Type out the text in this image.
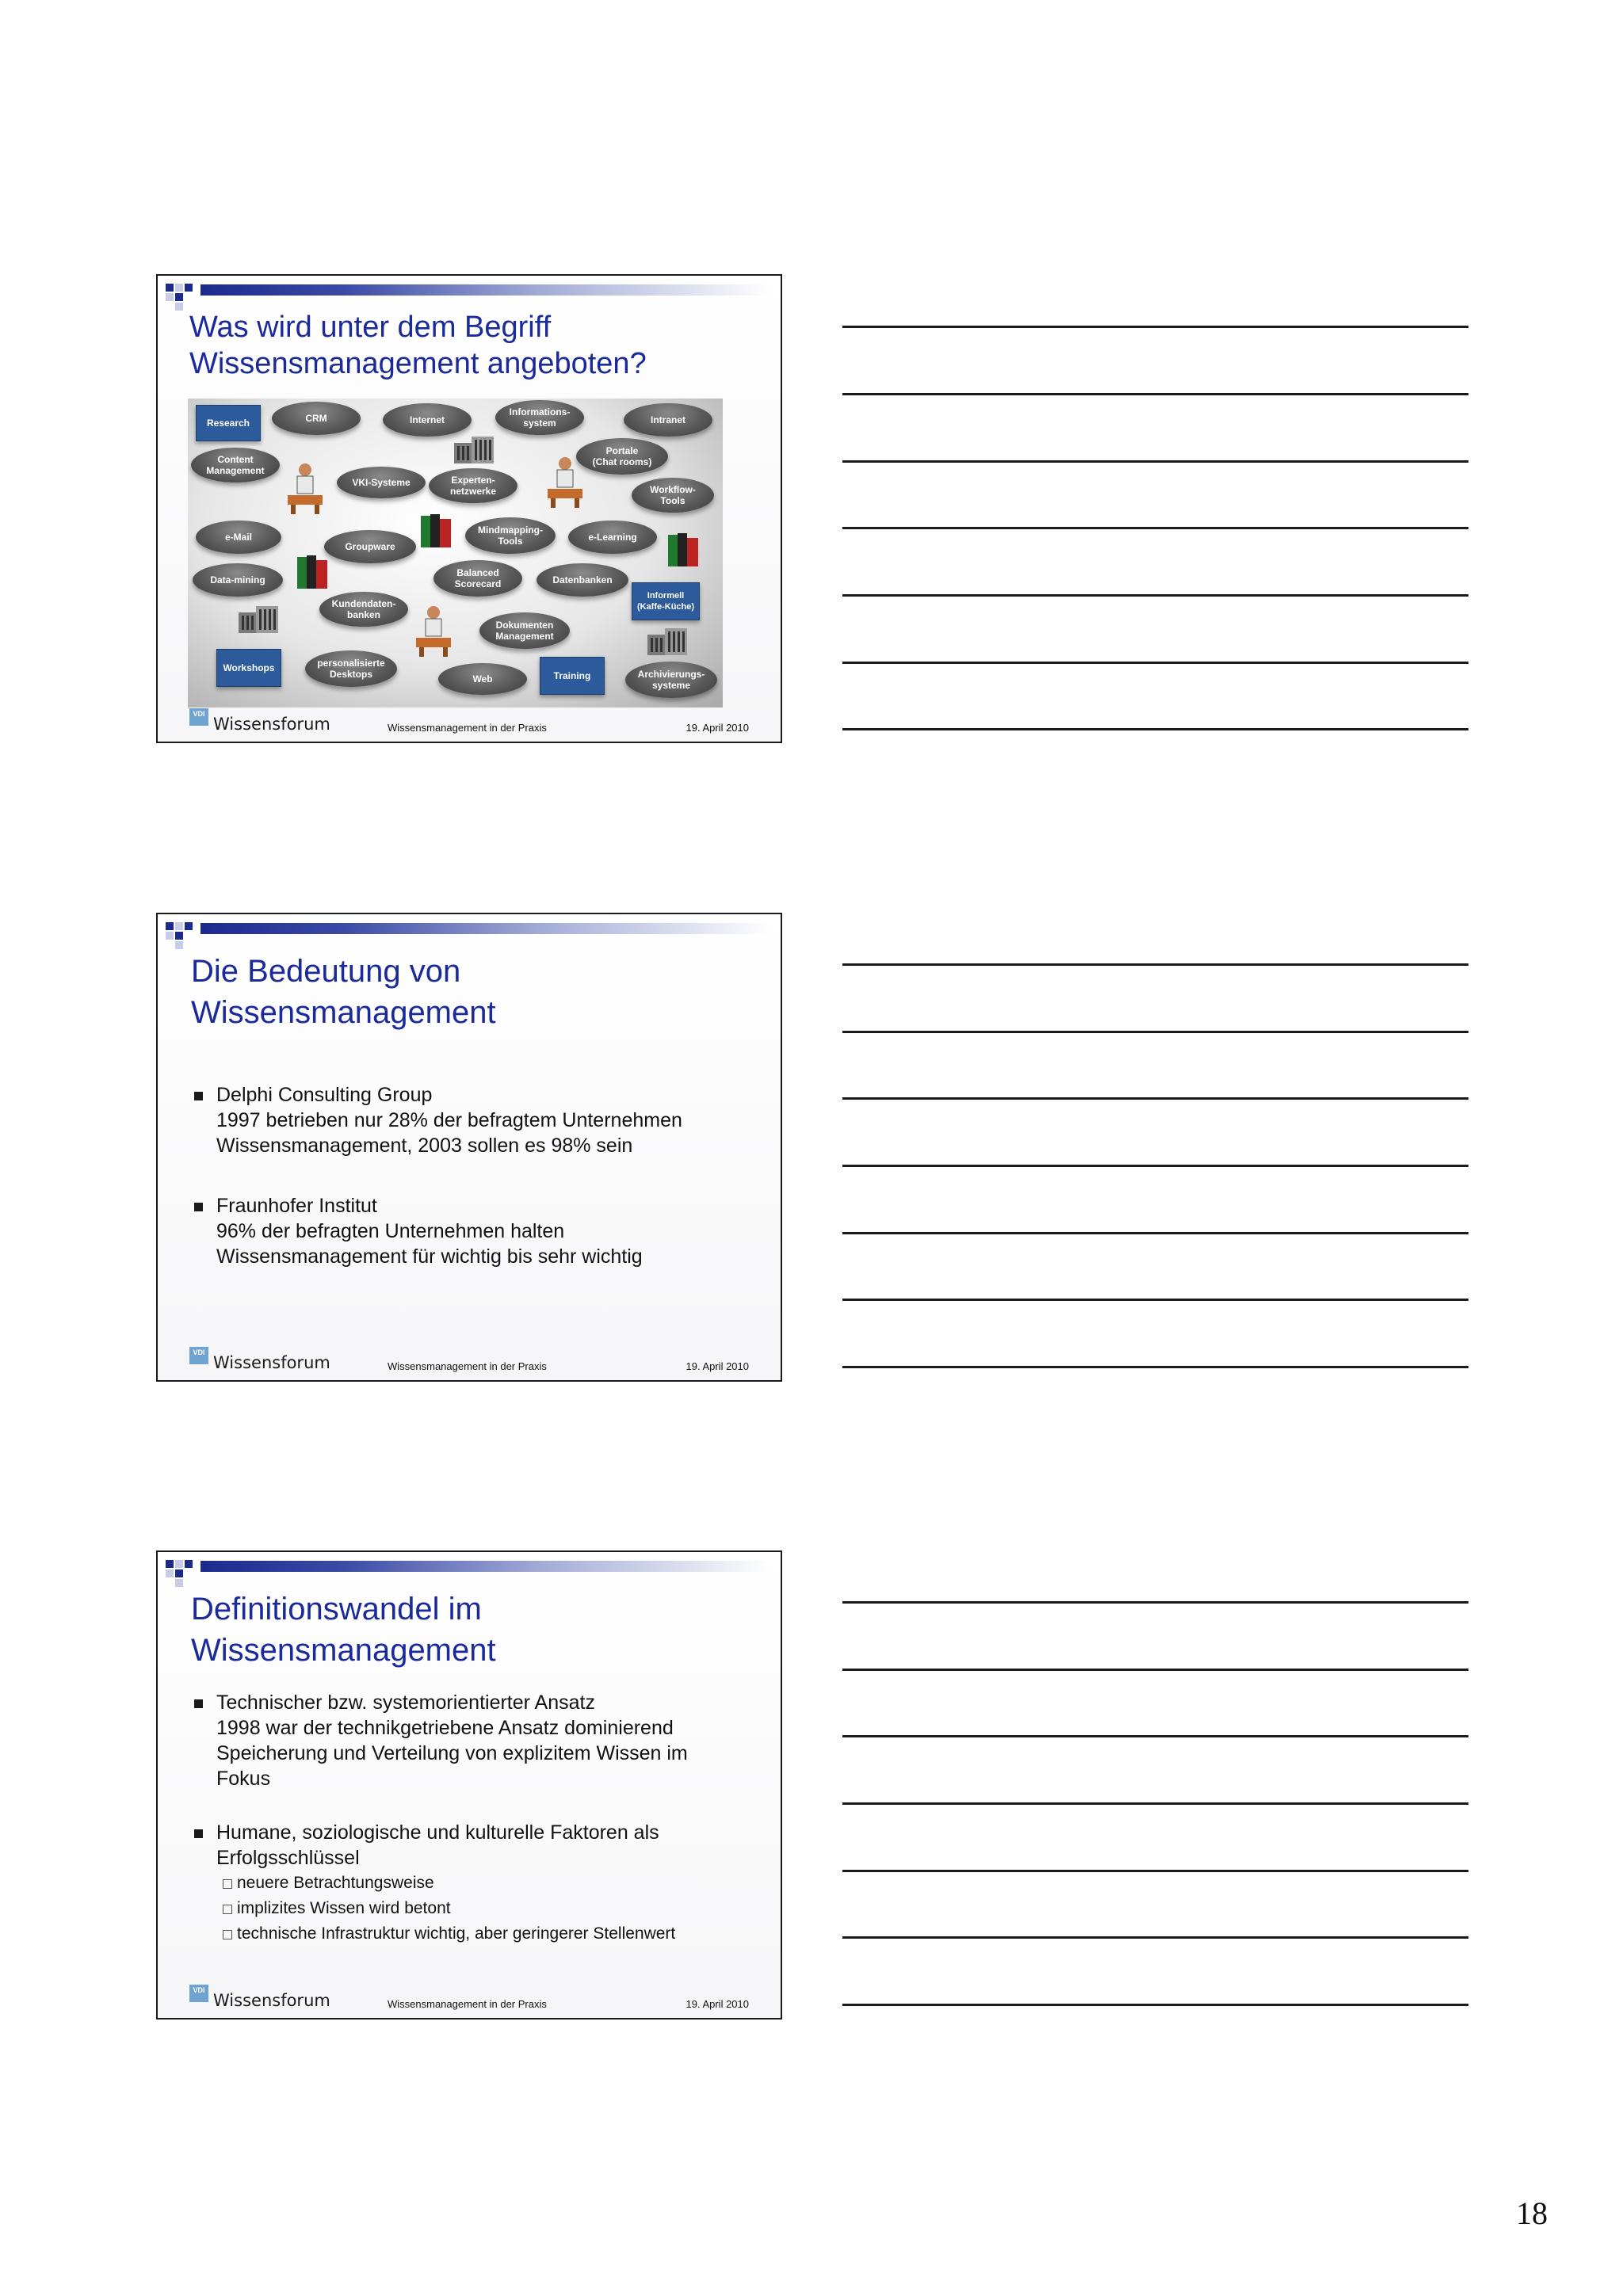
Was wird unter dem Begriff
Wissensmanagement angeboten?
Research	CRM	Internet
Informations-
system	Intranet
Content
Management
Portale
(Chat rooms)
VKI-Systeme	Experten-
netzwerke	Workflow-
Tools
e-Mail
Groupware
Mindmapping-
Tools	e-Learning
Data-mining
Balanced
Scorecard	Datenbanken
Informell
(Kaffe-Küche)
Kundendaten-
banken
Dokumenten
Management
Workshops	personalisierte
Desktops	Web	Training	Archivierungs-
systeme
VDI
Wissensforum	Wissensmanagement in der Praxis	19. April 2010
Die Bedeutung von
Wissensmanagement
Delphi Consulting Group
1997 betrieben nur 28% der befragtem Unternehmen
Wissensmanagement, 2003 sollen es 98% sein
Fraunhofer Institut
96% der befragten Unternehmen halten
Wissensmanagement für wichtig bis sehr wichtig
VDI
Wissensforum	Wissensmanagement in der Praxis	19. April 2010
Definitionswandel im
Wissensmanagement
Technischer bzw. systemorientierter Ansatz
1998 war der technikgetriebene Ansatz dominierend
Speicherung und Verteilung von explizitem Wissen im
Fokus
Humane, soziologische und kulturelle Faktoren als
Erfolgsschlüssel
neuere Betrachtungsweise
implizites Wissen wird betont
technische Infrastruktur wichtig, aber geringerer Stellenwert
VDI
Wissensforum	Wissensmanagement in der Praxis	19. April 2010
18
